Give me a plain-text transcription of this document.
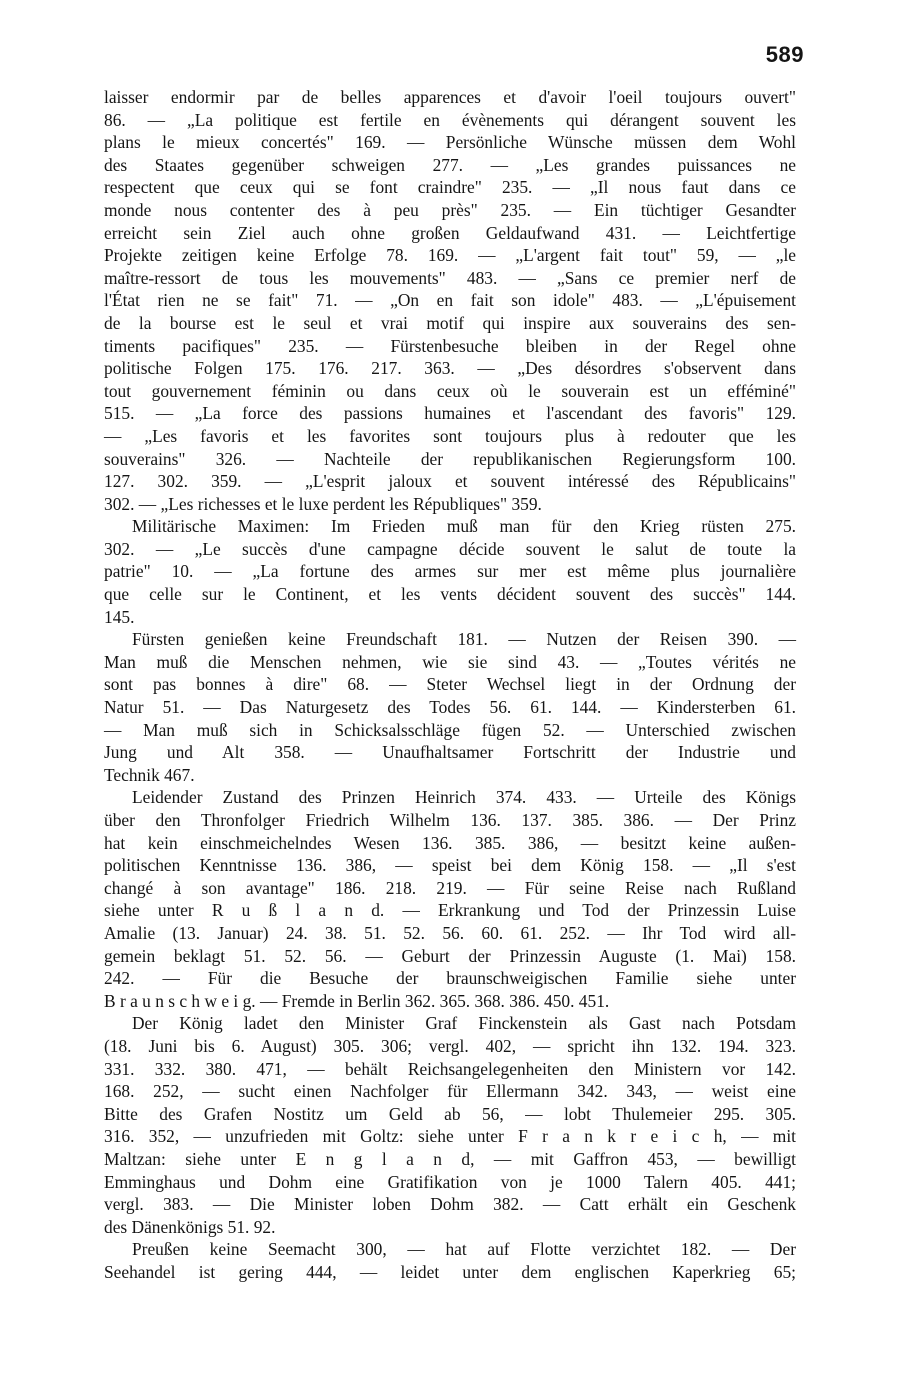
589
laisser endormir par de belles apparences et d'avoir l'oeil toujours ouvert"
86. — „La politique est fertile en évènements qui dérangent souvent les
plans le mieux concertés" 169. — Persönliche Wünsche müssen dem Wohl
des Staates gegenüber schweigen 277. — „Les grandes puissances ne
respectent que ceux qui se font craindre" 235. — „Il nous faut dans ce
monde nous contenter des à peu près" 235. — Ein tüchtiger Gesandter
erreicht sein Ziel auch ohne großen Geldaufwand 431. — Leichtfertige
Projekte zeitigen keine Erfolge 78. 169. — „L'argent fait tout" 59, — „le
maître-ressort de tous les mouvements" 483. — „Sans ce premier nerf de
l'État rien ne se fait" 71. — „On en fait son idole" 483. — „L'épuisement
de la bourse est le seul et vrai motif qui inspire aux souverains des sen-
timents pacifiques" 235. — Fürstenbesuche bleiben in der Regel ohne
politische Folgen 175. 176. 217. 363. — „Des désordres s'observent dans
tout gouvernement féminin ou dans ceux où le souverain est un efféminé"
515. — „La force des passions humaines et l'ascendant des favoris" 129.
— „Les favoris et les favorites sont toujours plus à redouter que les
souverains" 326. — Nachteile der republikanischen Regierungsform 100.
127. 302. 359. — „L'esprit jaloux et souvent intéressé des Républicains"
302. — „Les richesses et le luxe perdent les Républiques" 359.
Militärische Maximen: Im Frieden muß man für den Krieg rüsten 275.
302. — „Le succès d'une campagne décide souvent le salut de toute la
patrie" 10. — „La fortune des armes sur mer est même plus journalière
que celle sur le Continent, et les vents décident souvent des succès" 144.
145.
Fürsten genießen keine Freundschaft 181. — Nutzen der Reisen 390. —
Man muß die Menschen nehmen, wie sie sind 43. — „Toutes vérités ne
sont pas bonnes à dire" 68. — Steter Wechsel liegt in der Ordnung der
Natur 51. — Das Naturgesetz des Todes 56. 61. 144. — Kindersterben 61.
— Man muß sich in Schicksalsschläge fügen 52. — Unterschied zwischen
Jung und Alt 358. — Unaufhaltsamer Fortschritt der Industrie und
Technik 467.
Leidender Zustand des Prinzen Heinrich 374. 433. — Urteile des Königs
über den Thronfolger Friedrich Wilhelm 136. 137. 385. 386. — Der Prinz
hat kein einschmeichelndes Wesen 136. 385. 386, — besitzt keine außen-
politischen Kenntnisse 136. 386, — speist bei dem König 158. — „Il s'est
changé à son avantage" 186. 218. 219. — Für seine Reise nach Rußland
siehe unter R u ß l a n d. — Erkrankung und Tod der Prinzessin Luise
Amalie (13. Januar) 24. 38. 51. 52. 56. 60. 61. 252. — Ihr Tod wird all-
gemein beklagt 51. 52. 56. — Geburt der Prinzessin Auguste (1. Mai) 158.
242. — Für die Besuche der braunschweigischen Familie siehe unter
B r a u n s c h w e i g. — Fremde in Berlin 362. 365. 368. 386. 450. 451.
Der König ladet den Minister Graf Finckenstein als Gast nach Potsdam
(18. Juni bis 6. August) 305. 306; vergl. 402, — spricht ihn 132. 194. 323.
331. 332. 380. 471, — behält Reichsangelegenheiten den Ministern vor 142.
168. 252, — sucht einen Nachfolger für Ellermann 342. 343, — weist eine
Bitte des Grafen Nostitz um Geld ab 56, — lobt Thulemeier 295. 305.
316. 352, — unzufrieden mit Goltz: siehe unter F r a n k r e i c h, — mit
Maltzan: siehe unter E n g l a n d, — mit Gaffron 453, — bewilligt
Emminghaus und Dohm eine Gratifikation von je 1000 Talern 405. 441;
vergl. 383. — Die Minister loben Dohm 382. — Catt erhält ein Geschenk
des Dänenkönigs 51. 92.
Preußen keine Seemacht 300, — hat auf Flotte verzichtet 182. — Der
Seehandel ist gering 444, — leidet unter dem englischen Kaperkrieg 65;
